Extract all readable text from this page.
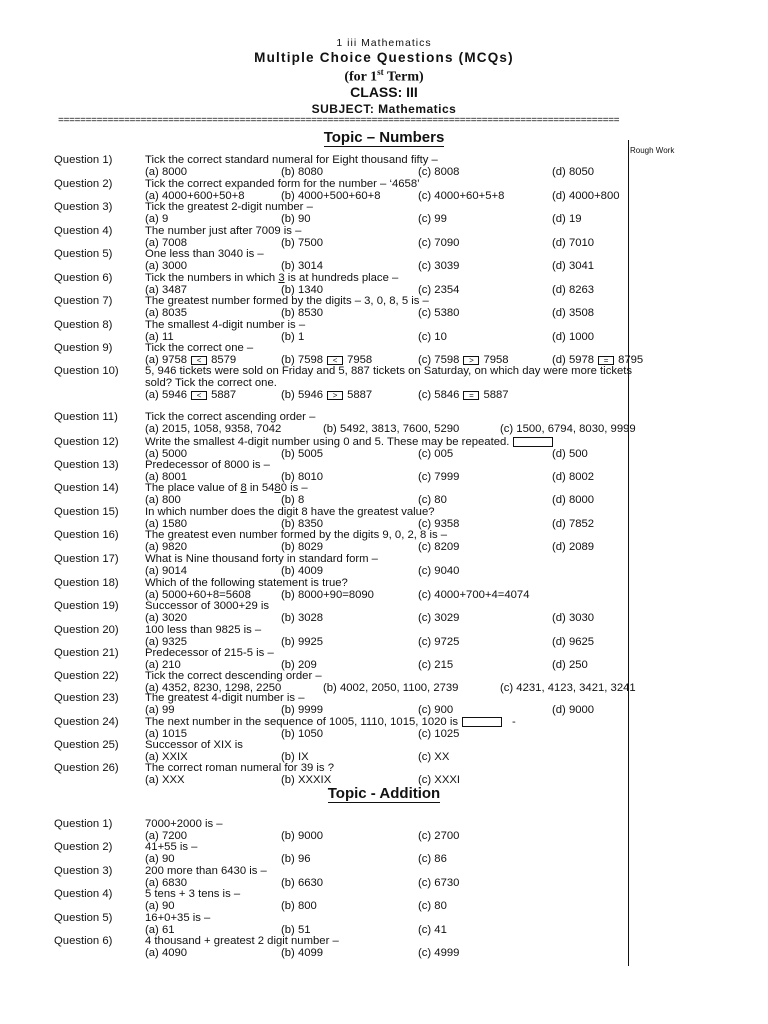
1 iii Mathematics
Multiple Choice Questions (MCQs)
(for 1st Term)
CLASS: III
SUBJECT: Mathematics
======================================================================================================
Rough Work
Topic – Numbers
Question 1)	Tick the correct standard numeral for Eight thousand fifty –
(a) 8000	(b) 8080	(c) 8008	(d) 8050
Question 2)	Tick the correct expanded form for the number – ‘4658’
(a) 4000+600+50+8	(b) 4000+500+60+8	(c) 4000+60+5+8	(d) 4000+800
Question 3)	Tick the greatest 2-digit number –
(a) 9	(b) 90	(c) 99	(d) 19
Question 4)	The number just after 7009 is –
(a) 7008	(b) 7500	(c) 7090	(d) 7010
Question 5)	One less than 3040 is –
(a) 3000	(b) 3014	(c) 3039	(d) 3041
Question 6)	Tick the numbers in which 3 is at hundreds place –
(a) 3487	(b) 1340	(c) 2354	(d) 8263
Question 7)	The greatest number formed by the digits – 3, 0, 8, 5 is –
(a) 8035	(b) 8530	(c) 5380	(d) 3508
Question 8)	The smallest 4-digit number is –
(a) 11	(b) 1	(c) 10	(d) 1000
Question 9)	Tick the correct one –
(a) 9758 < 8579	(b) 7598 < 7958	(c) 7598 > 7958	(d) 5978 = 8795
Question 10) 5, 946 tickets were sold on Friday and 5, 887 tickets on Saturday, on which day were more tickets
sold? Tick the correct one.
(a) 5946 < 5887	(b) 5946 > 5887	(c) 5846 = 5887
Question 11) Tick the correct ascending order –
(a) 2015, 1058, 9358, 7042	(b) 5492, 3813, 7600, 5290	(c) 1500, 6794, 8030, 9999
Question 12) Write the smallest 4-digit number using 0 and 5. These may be repeated.
(a) 5000	(b) 5005	(c) 005	(d) 500
Question 13) Predecessor of 8000 is –
(a) 8001	(b) 8010	(c) 7999	(d) 8002
Question 14) The place value of 8 in 5480 is –
(a) 800	(b) 8	(c) 80	(d) 8000
Question 15) In which number does the digit 8 have the greatest value?
(a) 1580	(b) 8350	(c) 9358	(d) 7852
Question 16) The greatest even number formed by the digits 9, 0, 2, 8 is –
(a) 9820	(b) 8029	(c) 8209	(d) 2089
Question 17) What is Nine thousand forty in standard form –
(a) 9014	(b) 4009	(c) 9040
Question 18) Which of the following statement is true?
(a) 5000+60+8=5608	(b) 8000+90=8090	(c) 4000+700+4=4074
Question 19) Successor of 3000+29 is
(a) 3020	(b) 3028	(c) 3029	(d) 3030
Question 20) 100 less than 9825 is –
(a) 9325	(b) 9925	(c) 9725	(d) 9625
Question 21) Predecessor of 215-5 is –
(a) 210	(b) 209	(c) 215	(d) 250
Question 22) Tick the correct descending order –
(a) 4352, 8230, 1298, 2250	(b) 4002, 2050, 1100, 2739	(c) 4231, 4123, 3421, 3241
Question 23) The greatest 4-digit number is –
(a) 99	(b) 9999	(c) 900	(d) 9000
Question 24) The next number in the sequence of 1005, 1110, 1015, 1020 is	-
(a) 1015	(b) 1050	(c) 1025
Question 25) Successor of XIX is
(a) XXIX	(b) IX	(c) XX
Question 26) The correct roman numeral for 39 is ?
(a) XXX	(b) XXXIX	(c) XXXI
Topic - Addition
Question 1)	7000+2000 is –
(a) 7200	(b) 9000	(c) 2700
Question 2)	41+55 is –
(a) 90	(b) 96	(c) 86
Question 3)	200 more than 6430 is –
(a) 6830	(b) 6630	(c) 6730
Question 4)	5 tens + 3 tens is –
(a) 90	(b) 800	(c) 80
Question 5)	16+0+35 is –
(a) 61	(b) 51	(c) 41
Question 6)	4 thousand + greatest 2 digit number –
(a) 4090	(b) 4099	(c) 4999
